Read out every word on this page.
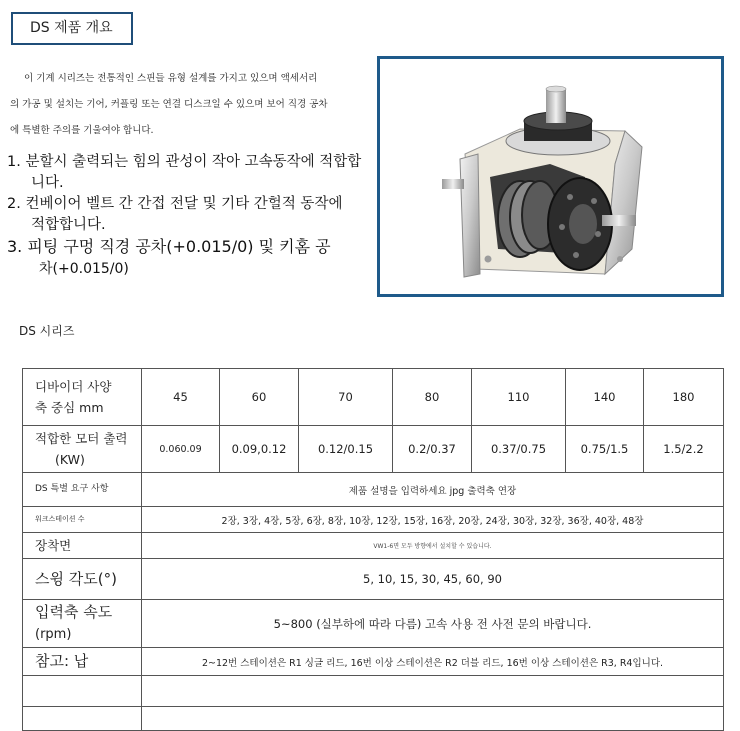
DS 제품 개요

이 기계 시리즈는 전통적인 스핀들 유형 설계를 가지고 있으며 액세서리

의 가공 및 설치는 기어, 커플링 또는 연결 디스크일 수 있으며 보어 직경 공차

에 특별한 주의를 기울여야 합니다.

1. 분할시 출력되는 힘의 관성이 작아 고속동작에 적합합
니다.
2. 컨베이어 벨트 간 간접 전달 및 기타 간헐적 동작에
적합합니다.
3. 피팅 구멍 직경 공차(+0.015/0) 및 키홈 공
차(+0.015/0)
DS 시리즈
디바이더 사양
축 중심 mm	45	60	70	80	110	140	180
적합한 모터 출력
(KW)	0.060.09	0.09,0.12	0.12/0.15	0.2/0.37	0.37/0.75	0.75/1.5	1.5/2.2
DS 특별 요구 사항	제품 설명을 입력하세요 jpg 출력축 연장						
워크스테이션 수	2장, 3장, 4장, 5장, 6장, 8장, 10장, 12장, 15장, 16장, 20장, 24장, 30장, 32장, 36장, 40장, 48장						
장착면	VW1-6면 모두 방향에서 설치할 수 있습니다.						
스윙 각도(°)	5, 10, 15, 30, 45, 60, 90						
입력축 속도
(rpm)	5~800 (실부하에 따라 다름) 고속 사용 전 사전 문의 바랍니다.						
참고: 납	2~12번 스테이션은 R1 싱글 리드, 16번 이상 스테이션은 R2 더블 리드, 16번 이상 스테이션은 R3, R4입니다.						
